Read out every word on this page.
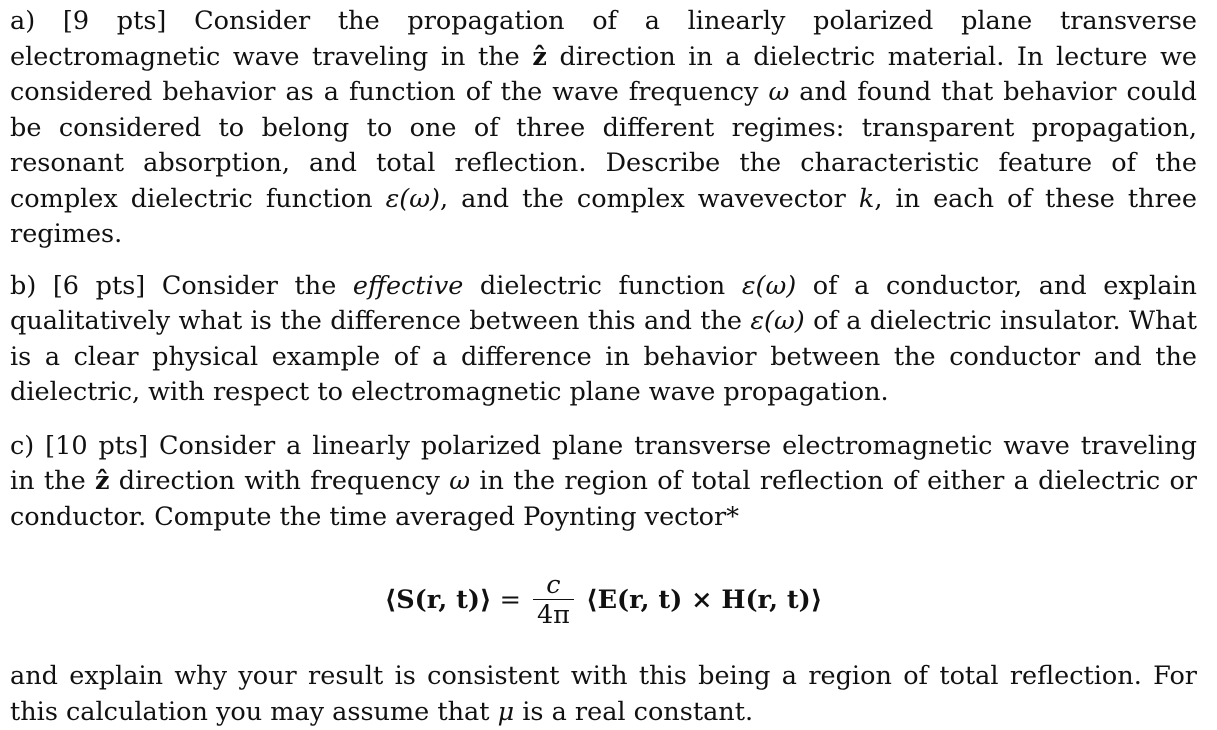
a) [9 pts] Consider the propagation of a linearly polarized plane transverse electromagnetic wave traveling in the ẑ direction in a dielectric material. In lecture we considered behavior as a function of the wave frequency ω and found that behavior could be considered to belong to one of three different regimes: transparent propagation, resonant absorption, and total reflection. Describe the characteristic feature of the complex dielectric function ε(ω), and the complex wavevector k, in each of these three regimes.

b) [6 pts] Consider the effective dielectric function ε(ω) of a conductor, and explain qualitatively what is the difference between this and the ε(ω) of a dielectric insulator. What is a clear physical example of a difference in behavior between the conductor and the dielectric, with respect to electromagnetic plane wave propagation.

c) [10 pts] Consider a linearly polarized plane transverse electromagnetic wave traveling in the ẑ direction with frequency ω in the region of total reflection of either a dielectric or conductor. Compute the time averaged Poynting vector*

⟨S(r, t)⟩ = $\frac{c}{4\pi}$ ⟨E(r, t) × H(r, t)⟩

and explain why your result is consistent with this being a region of total reflection. For this calculation you may assume that μ is a real constant.
